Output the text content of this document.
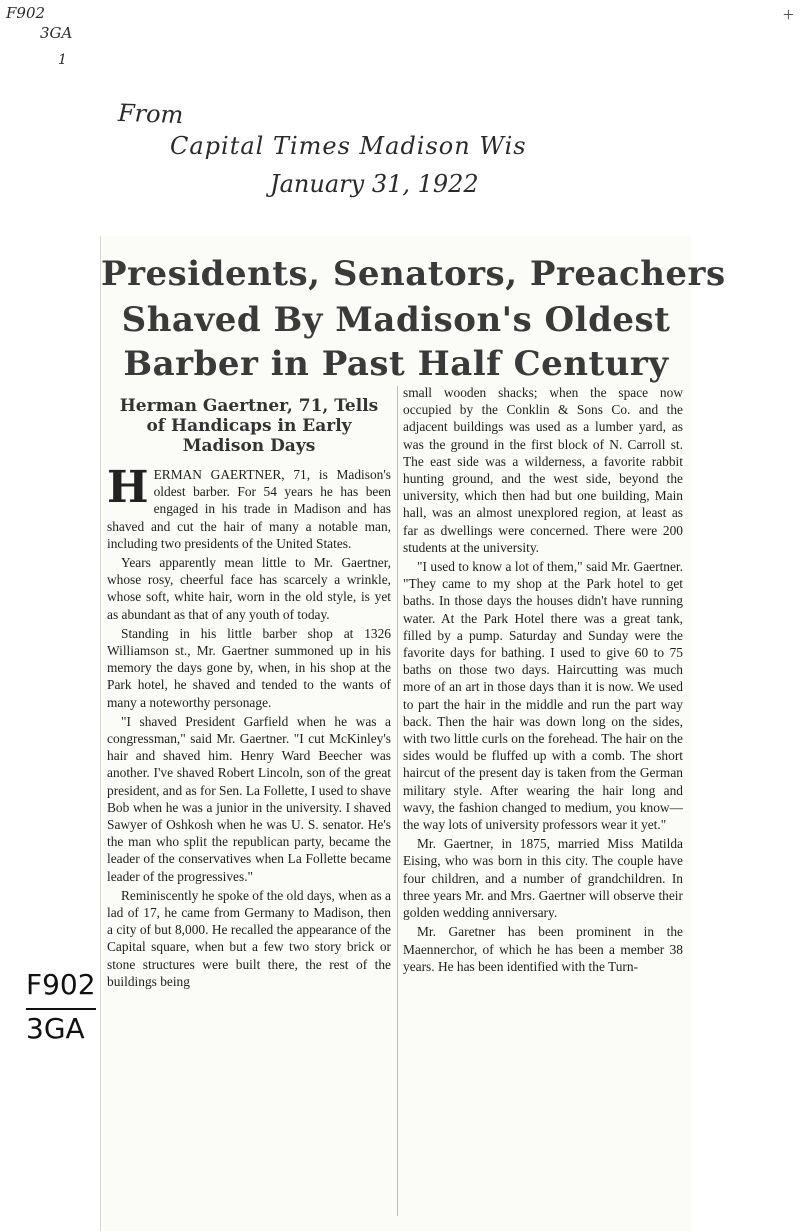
F902
3GA
1
+
From
Capital Times Madison Wis
January 31, 1922
F902
3GA
Presidents, Senators, Preachers
Shaved By Madison's Oldest
Barber in Past Half Century
Herman Gaertner, 71, Tells
of Handicaps in Early
Madison Days

HERMAN GAERTNER, 71, is Madison's oldest barber. For 54 years he has been engaged in his trade in Madison and has shaved and cut the hair of many a notable man, including two presidents of the United States.

Years apparently mean little to Mr. Gaertner, whose rosy, cheerful face has scarcely a wrinkle, whose soft, white hair, worn in the old style, is yet as abundant as that of any youth of today.

Standing in his little barber shop at 1326 Williamson st., Mr. Gaertner summoned up in his memory the days gone by, when, in his shop at the Park hotel, he shaved and tended to the wants of many a noteworthy personage.

"I shaved President Garfield when he was a congressman," said Mr. Gaertner. "I cut McKinley's hair and shaved him. Henry Ward Beecher was another. I've shaved Robert Lincoln, son of the great president, and as for Sen. La Follette, I used to shave Bob when he was a junior in the university. I shaved Sawyer of Oshkosh when he was U. S. senator. He's the man who split the republican party, became the leader of the conservatives when La Follette became leader of the progressives."

Reminiscently he spoke of the old days, when as a lad of 17, he came from Germany to Madison, then a city of but 8,000. He recalled the appearance of the Capital square, when but a few two story brick or stone structures were built there, the rest of the buildings being

small wooden shacks; when the space now occupied by the Conklin & Sons Co. and the adjacent buildings was used as a lumber yard, as was the ground in the first block of N. Carroll st. The east side was a wilderness, a favorite rabbit hunting ground, and the west side, beyond the university, which then had but one building, Main hall, was an almost unexplored region, at least as far as dwellings were concerned. There were 200 students at the university.

"I used to know a lot of them," said Mr. Gaertner. "They came to my shop at the Park hotel to get baths. In those days the houses didn't have running water. At the Park Hotel there was a great tank, filled by a pump. Saturday and Sunday were the favorite days for bathing. I used to give 60 to 75 baths on those two days. Haircutting was much more of an art in those days than it is now. We used to part the hair in the middle and run the part way back. Then the hair was down long on the sides, with two little curls on the forehead. The hair on the sides would be fluffed up with a comb. The short haircut of the present day is taken from the German military style. After wearing the hair long and wavy, the fashion changed to medium, you know—the way lots of university professors wear it yet."

Mr. Gaertner, in 1875, married Miss Matilda Eising, who was born in this city. The couple have four children, and a number of grandchildren. In three years Mr. and Mrs. Gaertner will observe their golden wedding anniversary.

Mr. Garetner has been prominent in the Maennerchor, of which he has been a member 38 years. He has been identified with the Turn-
